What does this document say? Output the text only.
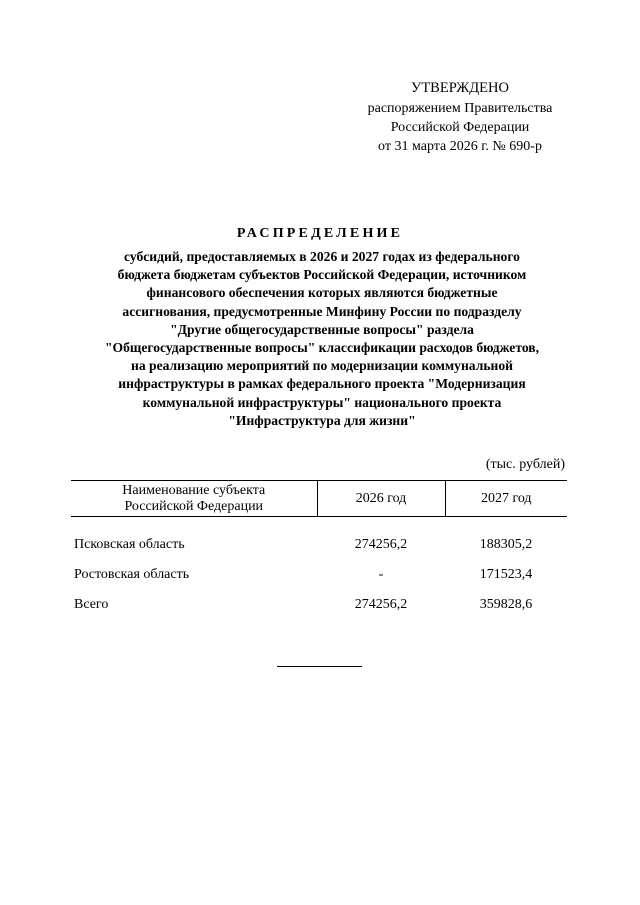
УТВЕРЖДЕНО
распоряжением Правительства
Российской Федерации
от 31 марта 2026 г. № 690-р
РАСПРЕДЕЛЕНИЕ
субсидий, предоставляемых в 2026 и 2027 годах из федерального
бюджета бюджетам субъектов Российской Федерации, источником
финансового обеспечения которых являются бюджетные
ассигнования, предусмотренные Минфину России по подразделу
"Другие общегосударственные вопросы" раздела
"Общегосударственные вопросы" классификации расходов бюджетов,
на реализацию мероприятий по модернизации коммунальной
инфраструктуры в рамках федерального проекта "Модернизация
коммунальной инфраструктуры" национального проекта
"Инфраструктура для жизни"
(тыс. рублей)
Наименование субъекта
Российской Федерации	2026 год	2027 год

Псковская область	274256,2	188305,2
Ростовская область	-	171523,4
Всего	274256,2	359828,6
